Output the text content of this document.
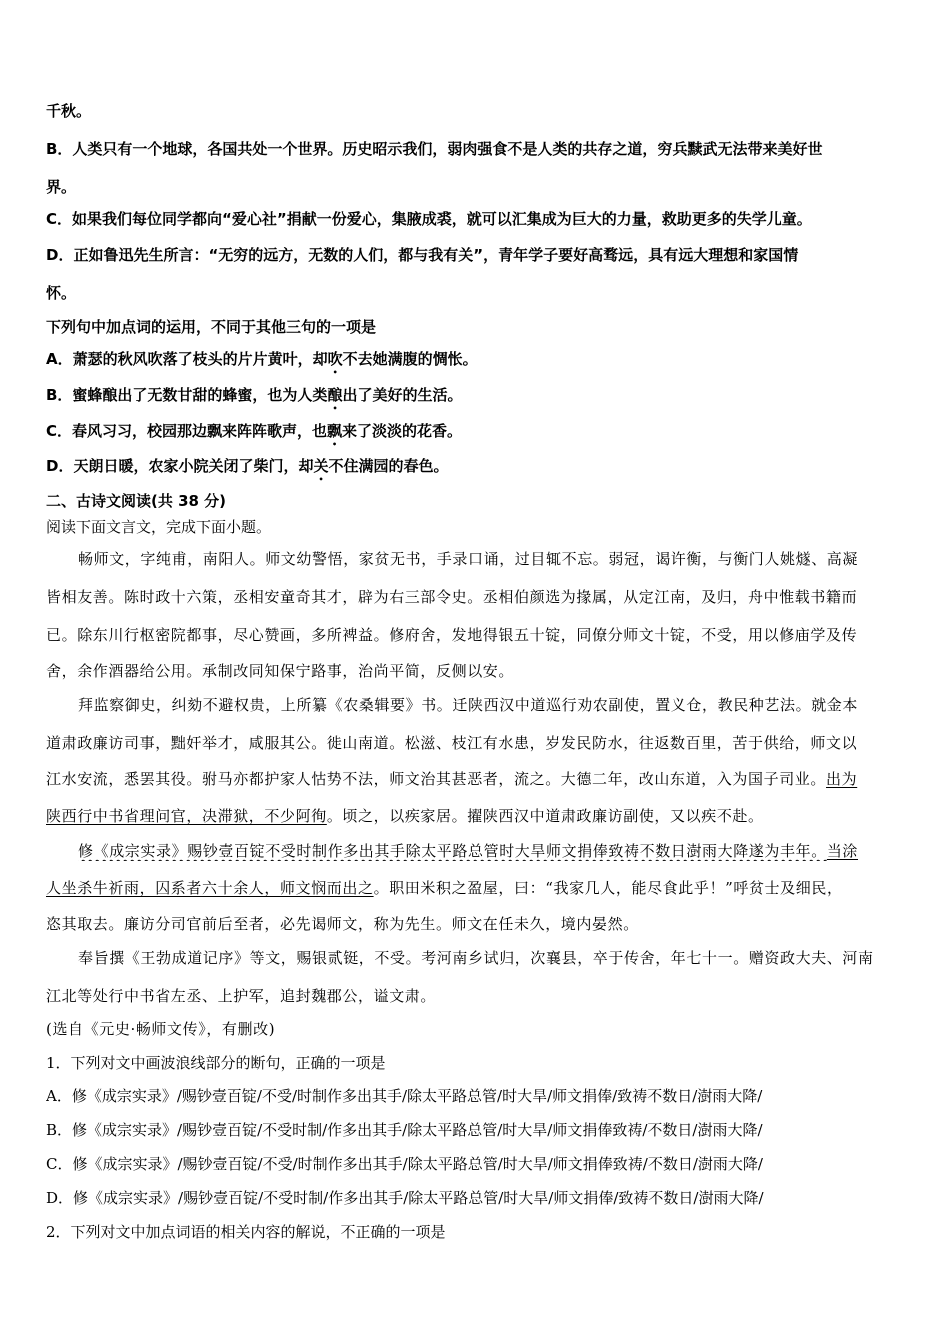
千秋。
B．人类只有一个地球，各国共处一个世界。历史昭示我们，弱肉强食不是人类的共存之道，穷兵黩武无法带来美好世
界。
C．如果我们每位同学都向“爱心社”捐献一份爱心，集腋成裘，就可以汇集成为巨大的力量，救助更多的失学儿童。
D．正如鲁迅先生所言：“无穷的远方，无数的人们，都与我有关”，青年学子要好高骛远，具有远大理想和家国情
怀。
下列句中加点词的运用，不同于其他三句的一项是
A．萧瑟的秋风吹落了枝头的片片黄叶，却吹不去她满腹的惆怅。
B．蜜蜂酿出了无数甘甜的蜂蜜，也为人类酿出了美好的生活。
C．春风习习，校园那边飘来阵阵歌声，也飘来了淡淡的花香。
D．天朗日暖，农家小院关闭了柴门，却关不住满园的春色。
二、古诗文阅读(共 38 分)
阅读下面文言文，完成下面小题。
畅师文，字纯甫，南阳人。师文幼警悟，家贫无书，手录口诵，过目辄不忘。弱冠，谒许衡，与衡门人姚燧、高凝
皆相友善。陈时政十六策，丞相安童奇其才，辟为右三部令史。丞相伯颜选为掾属，从定江南，及归，舟中惟载书籍而
已。除东川行枢密院都事，尽心赞画，多所裨益。修府舍，发地得银五十锭，同僚分师文十锭，不受，用以修庙学及传
舍，余作酒器给公用。承制改同知保宁路事，治尚平简，反侧以安。
拜监察御史，纠劾不避权贵，上所纂《农桑辑要》书。迁陕西汉中道巡行劝农副使，置义仓，教民种艺法。就金本
道肃政廉访司事，黜奸举才，咸服其公。徙山南道。松滋、枝江有水患，岁发民防水，往返数百里，苦于供给，师文以
江水安流，悉罢其役。驸马亦都护家人怙势不法，师文治其甚恶者，流之。大德二年，改山东道，入为国子司业。出为
陕西行中书省理问官，决滞狱，不少阿徇。顷之，以疾家居。擢陕西汉中道肃政廉访副使，又以疾不赴。
修《成宗实录》赐钞壹百锭不受时制作多出其手除太平路总管时大旱师文捐俸致祷不数日澍雨大降遂为丰年。当涂
人坐杀牛祈雨，囚系者六十余人，师文悯而出之。职田米积之盈屋，曰：“我家几人，能尽食此乎！”呼贫士及细民，
恣其取去。廉访分司官前后至者，必先谒师文，称为先生。师文在任未久，境内晏然。
奉旨撰《王勃成道记序》等文，赐银贰铤，不受。考河南乡试归，次襄县，卒于传舍，年七十一。赠资政大夫、河南
江北等处行中书省左丞、上护军，追封魏郡公，谥文肃。
(选自《元史·畅师文传》，有删改)
1．下列对文中画波浪线部分的断句，正确的一项是
A．修《成宗实录》/赐钞壹百锭/不受/时制作多出其手/除太平路总管/时大旱/师文捐俸/致祷不数日/澍雨大降/
B．修《成宗实录》/赐钞壹百锭/不受时制/作多出其手/除太平路总管/时大旱/师文捐俸致祷/不数日/澍雨大降/
C．修《成宗实录》/赐钞壹百锭/不受/时制作多出其手/除太平路总管/时大旱/师文捐俸致祷/不数日/澍雨大降/
D．修《成宗实录》/赐钞壹百锭/不受时制/作多出其手/除太平路总管/时大旱/师文捐俸/致祷不数日/澍雨大降/
2．下列对文中加点词语的相关内容的解说，不正确的一项是
